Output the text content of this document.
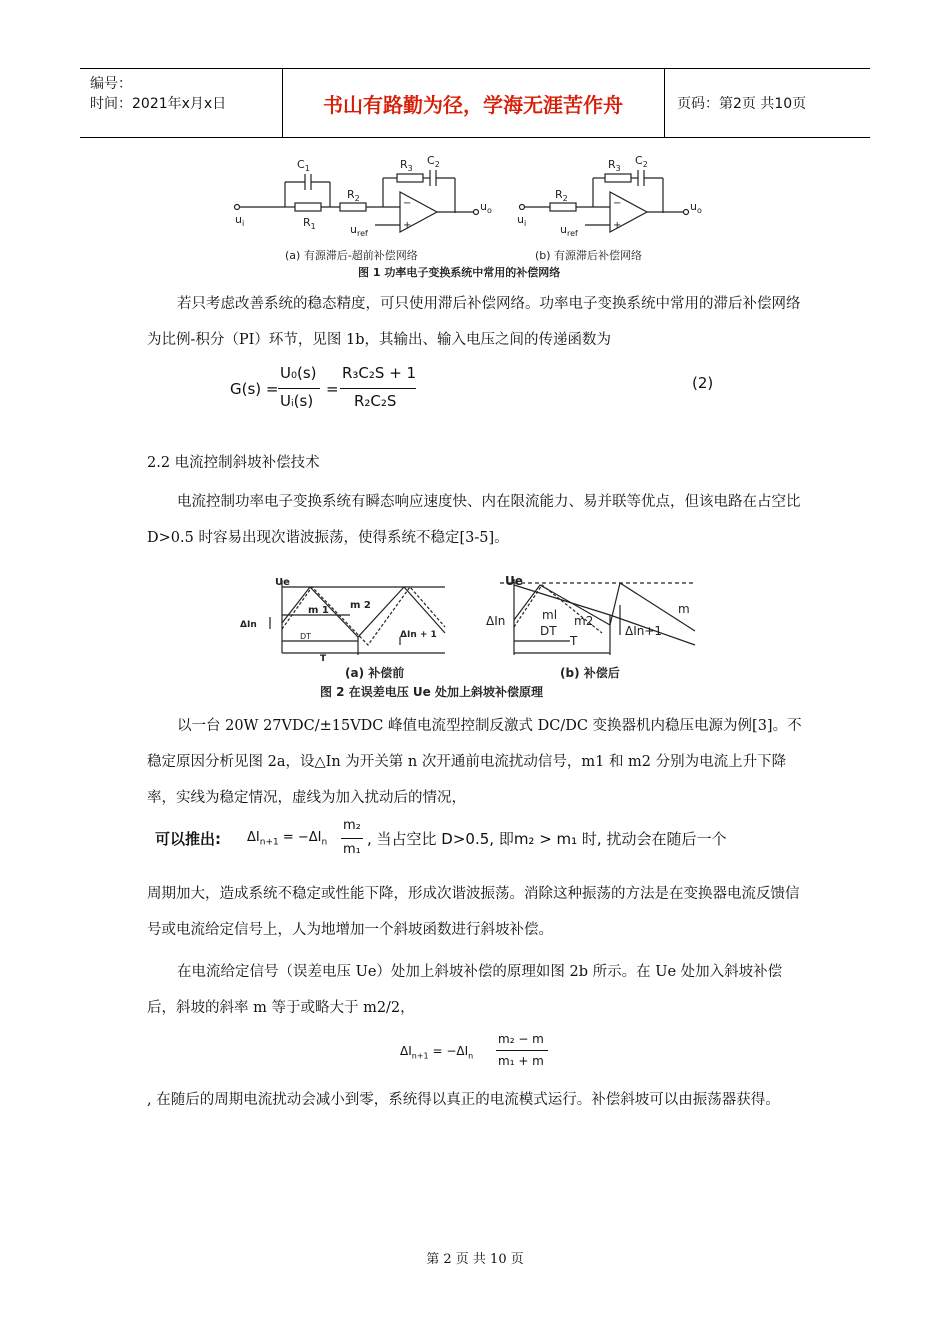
编号：
时间：2021年x月x日	书山有路勤为径，学海无涯苦作舟	页码：第2页 共10页
−
+
−
+
$C_1$
$R_1$
$R_2$
$R_3$
$C_2$
$u_i$
$u_o$
$u_{ref}$
$R_2$
$R_3$
$C_2$
$u_i$
$u_o$
$u_{ref}$
(a) 有源滞后-超前补偿网络	(b) 有源滞后补偿网络
图 1 功率电子变换系统中常用的补偿网络
若只考虑改善系统的稳态精度，可只使用滞后补偿网络。功率电子变换系统中常用的滞后补偿网络为比例-积分（PI）环节，见图 1b，其输出、输入电压之间的传递函数为
G(s) =
U₀(s)
Uᵢ(s)
=
R₃C₂S + 1
R₂C₂S
(2)
2.2 电流控制斜坡补偿技术
电流控制功率电子变换系统有瞬态响应速度快、内在限流能力、易并联等优点，但该电路在占空比 D>0.5 时容易出现次谐波振荡，使得系统不稳定[3-5]。
Ue
ΔIn
m 1 m 2
DT
T
ΔIn + 1
Ue
ΔIn	ml
DT
m2
T
m
ΔIn+1
(a) 补偿前	(b) 补偿后
图 2 在误差电压 Ue 处加上斜坡补偿原理
以一台 20W 27VDC/±15VDC 峰值电流型控制反激式 DC/DC 变换器机内稳压电源为例[3]。不稳定原因分析见图 2a，设△In 为开关第 n 次开通前电流扰动信号，m1 和 m2 分别为电流上升下降率，实线为稳定情况，虚线为加入扰动后的情况，
可以推出: $\Delta I_{n+1} = -\Delta I_n$
m₂
m₁
, 当占空比 D>0.5, 即m₂ > m₁ 时, 扰动会在随后一个
周期加大，造成系统不稳定或性能下降，形成次谐波振荡。消除这种振荡的方法是在变换器电流反馈信号或电流给定信号上，人为地增加一个斜坡函数进行斜坡补偿。
在电流给定信号（误差电压 Ue）处加上斜坡补偿的原理如图 2b 所示。在 Ue 处加入斜坡补偿后，斜坡的斜率 m 等于或略大于 m2/2，
$\Delta I_{n+1} = -\Delta I_n$
m₂ − m
m₁ + m
, 在随后的周期电流扰动会减小到零，系统得以真正的电流模式运行。补偿斜坡可以由振荡器获得。
第 2 页 共 10 页
